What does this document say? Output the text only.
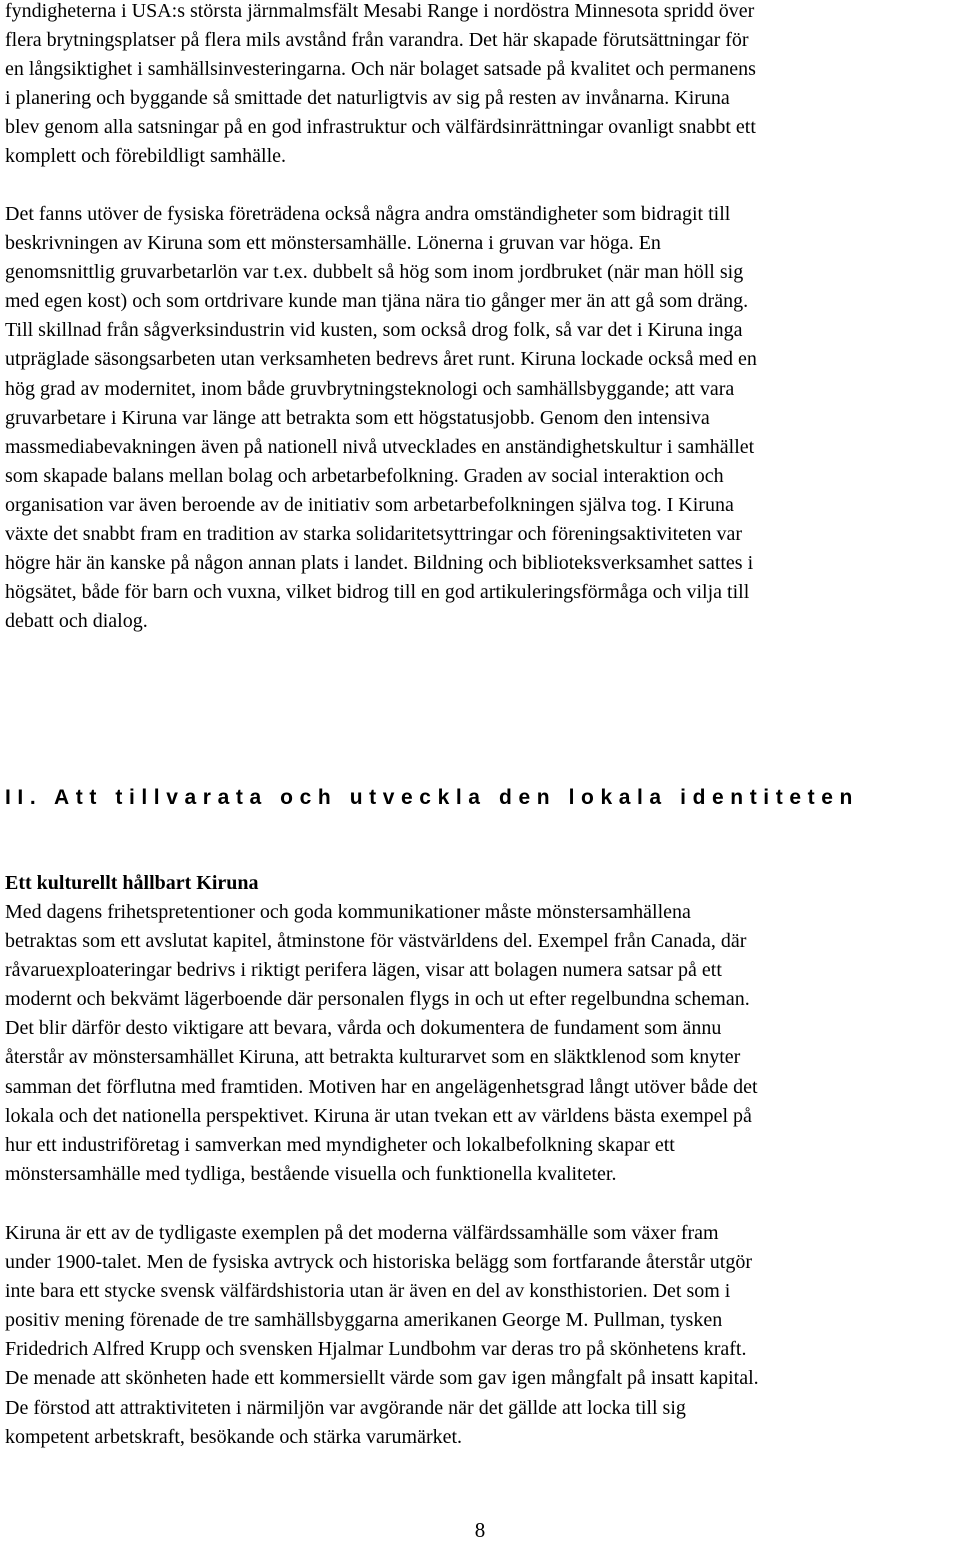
fyndigheterna i USA:s största järnmalmsfält Mesabi Range i nordöstra Minnesota spridd över
flera brytningsplatser på flera mils avstånd från varandra. Det här skapade förutsättningar för
en långsiktighet i samhällsinvesteringarna. Och när bolaget satsade på kvalitet och permanens
i planering och byggande så smittade det naturligtvis av sig på resten av invånarna. Kiruna
blev genom alla satsningar på en god infrastruktur och välfärdsinrättningar ovanligt snabbt ett
komplett och förebildligt samhälle.
Det fanns utöver de fysiska företrädena också några andra omständigheter som bidragit till
beskrivningen av Kiruna som ett mönstersamhälle. Lönerna i gruvan var höga. En
genomsnittlig gruvarbetarlön var t.ex. dubbelt så hög som inom jordbruket (när man höll sig
med egen kost) och som ortdrivare kunde man tjäna nära tio gånger mer än att gå som dräng.
Till skillnad från sågverksindustrin vid kusten, som också drog folk, så var det i Kiruna inga
utpräglade säsongsarbeten utan verksamheten bedrevs året runt. Kiruna lockade också med en
hög grad av modernitet, inom både gruvbrytningsteknologi och samhällsbyggande; att vara
gruvarbetare i Kiruna var länge att betrakta som ett högstatusjobb. Genom den intensiva
massmediabevakningen även på nationell nivå utvecklades en anständighetskultur i samhället
som skapade balans mellan bolag och arbetarbefolkning. Graden av social interaktion och
organisation var även beroende av de initiativ som arbetarbefolkningen själva tog. I Kiruna
växte det snabbt fram en tradition av starka solidaritetsyttringar och föreningsaktiviteten var
högre här än kanske på någon annan plats i landet. Bildning och biblioteksverksamhet sattes i
högsätet, både för barn och vuxna, vilket bidrog till en god artikuleringsförmåga och vilja till
debatt och dialog.
II. Att tillvarata och utveckla den lokala identiteten
Ett kulturellt hållbart Kiruna
Med dagens frihetspretentioner och goda kommunikationer måste mönstersamhällena
betraktas som ett avslutat kapitel, åtminstone för västvärldens del. Exempel från Canada, där
råvaruexploateringar bedrivs i riktigt perifera lägen, visar att bolagen numera satsar på ett
modernt och bekvämt lägerboende där personalen flygs in och ut efter regelbundna scheman.
Det blir därför desto viktigare att bevara, vårda och dokumentera de fundament som ännu
återstår av mönstersamhället Kiruna, att betrakta kulturarvet som en släktklenod som knyter
samman det förflutna med framtiden. Motiven har en angelägenhetsgrad långt utöver både det
lokala och det nationella perspektivet. Kiruna är utan tvekan ett av världens bästa exempel på
hur ett industriföretag i samverkan med myndigheter och lokalbefolkning skapar ett
mönstersamhälle med tydliga, bestående visuella och funktionella kvaliteter.
Kiruna är ett av de tydligaste exemplen på det moderna välfärdssamhälle som växer fram
under 1900-talet. Men de fysiska avtryck och historiska belägg som fortfarande återstår utgör
inte bara ett stycke svensk välfärdshistoria utan är även en del av konsthistorien. Det som i
positiv mening förenade de tre samhällsbyggarna amerikanen George M. Pullman, tysken
Fridedrich Alfred Krupp och svensken Hjalmar Lundbohm var deras tro på skönhetens kraft.
De menade att skönheten hade ett kommersiellt värde som gav igen mångfalt på insatt kapital.
De förstod att attraktiviteten i närmiljön var avgörande när det gällde att locka till sig
kompetent arbetskraft, besökande och stärka varumärket.
8
